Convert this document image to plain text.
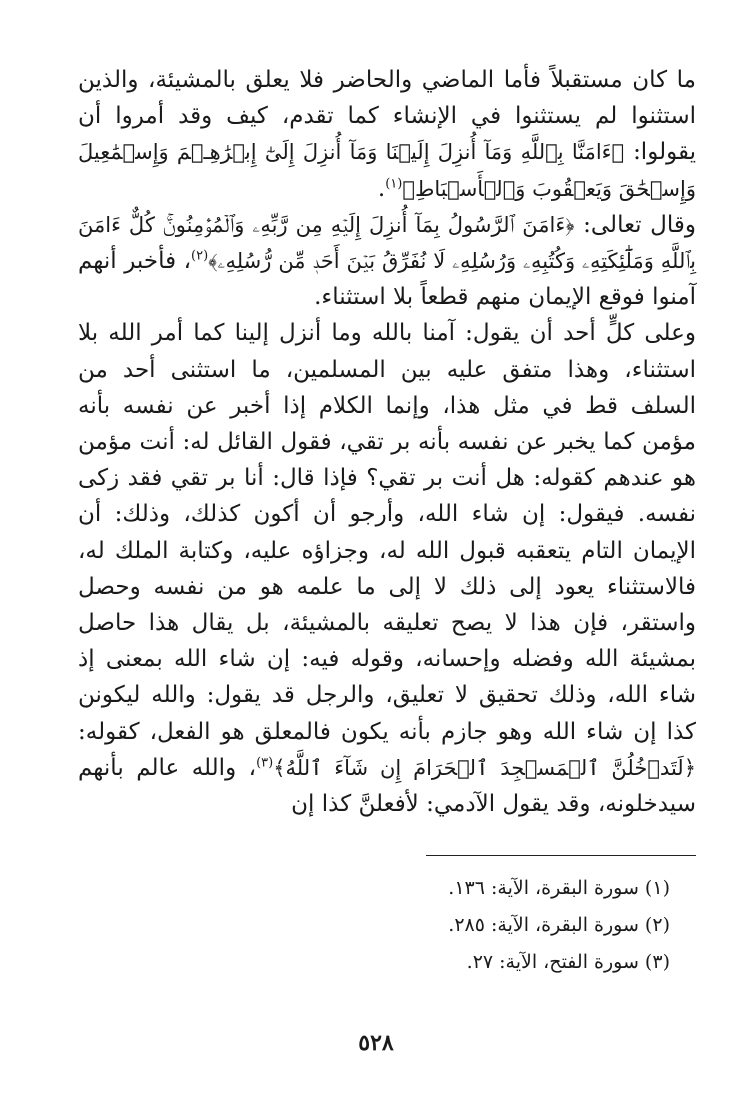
ما كان مستقبلاً فأما الماضي والحاضر فلا يعلق بالمشيئة، والذين استثنوا لم يستثنوا في الإنشاء كما تقدم، كيف وقد أمروا أن يقولوا: ﴿ءَامَنَّا بِٱللَّهِ وَمَآ أُنزِلَ إِلَيۡنَا وَمَآ أُنزِلَ إِلَىٰٓ إِبۡرَٰهِـۧمَ وَإِسۡمَٰعِيلَ وَإِسۡحَٰقَ وَيَعۡقُوبَ وَٱلۡأَسۡبَاطِ﴾$^{(١)}$.

وقال تعالى: ﴿ءَامَنَ ٱلرَّسُولُ بِمَآ أُنزِلَ إِلَيۡهِ مِن رَّبِّهِۦ وَٱلۡمُؤۡمِنُونَۚ كُلٌّ ءَامَنَ بِٱللَّهِ وَمَلَٰٓئِكَتِهِۦ وَكُتُبِهِۦ وَرُسُلِهِۦ لَا نُفَرِّقُ بَيۡنَ أَحَدٖ مِّن رُّسُلِهِۦ﴾$^{(٢)}$، فأخبر أنهم آمنوا فوقع الإيمان منهم قطعاً بلا استثناء.

وعلى كلٍّ أحد أن يقول: آمنا بالله وما أنزل إلينا كما أمر الله بلا استثناء، وهذا متفق عليه بين المسلمين، ما استثنى أحد من السلف قط في مثل هذا، وإنما الكلام إذا أخبر عن نفسه بأنه مؤمن كما يخبر عن نفسه بأنه بر تقي، فقول القائل له: أنت مؤمن هو عندهم كقوله: هل أنت بر تقي؟ فإذا قال: أنا بر تقي فقد زكى نفسه. فيقول: إن شاء الله، وأرجو أن أكون كذلك، وذلك: أن الإيمان التام يتعقبه قبول الله له، وجزاؤه عليه، وكتابة الملك له، فالاستثناء يعود إلى ذلك لا إلى ما علمه هو من نفسه وحصل واستقر، فإن هذا لا يصح تعليقه بالمشيئة، بل يقال هذا حاصل بمشيئة الله وفضله وإحسانه، وقوله فيه: إن شاء الله بمعنى إذ شاء الله، وذلك تحقيق لا تعليق، والرجل قد يقول: والله ليكونن كذا إن شاء الله وهو جازم بأنه يكون فالمعلق هو الفعل، كقوله: ﴿لَتَدۡخُلُنَّ ٱلۡمَسۡجِدَ ٱلۡحَرَامَ إِن شَآءَ ٱللَّهُ﴾$^{(٣)}$، والله عالم بأنهم سيدخلونه، وقد يقول الآدمي: لأفعلنَّ كذا إن

(١) سورة البقرة، الآية: ١٣٦.

(٢) سورة البقرة، الآية: ٢٨٥.

(٣) سورة الفتح، الآية: ٢٧.

٥٢٨
